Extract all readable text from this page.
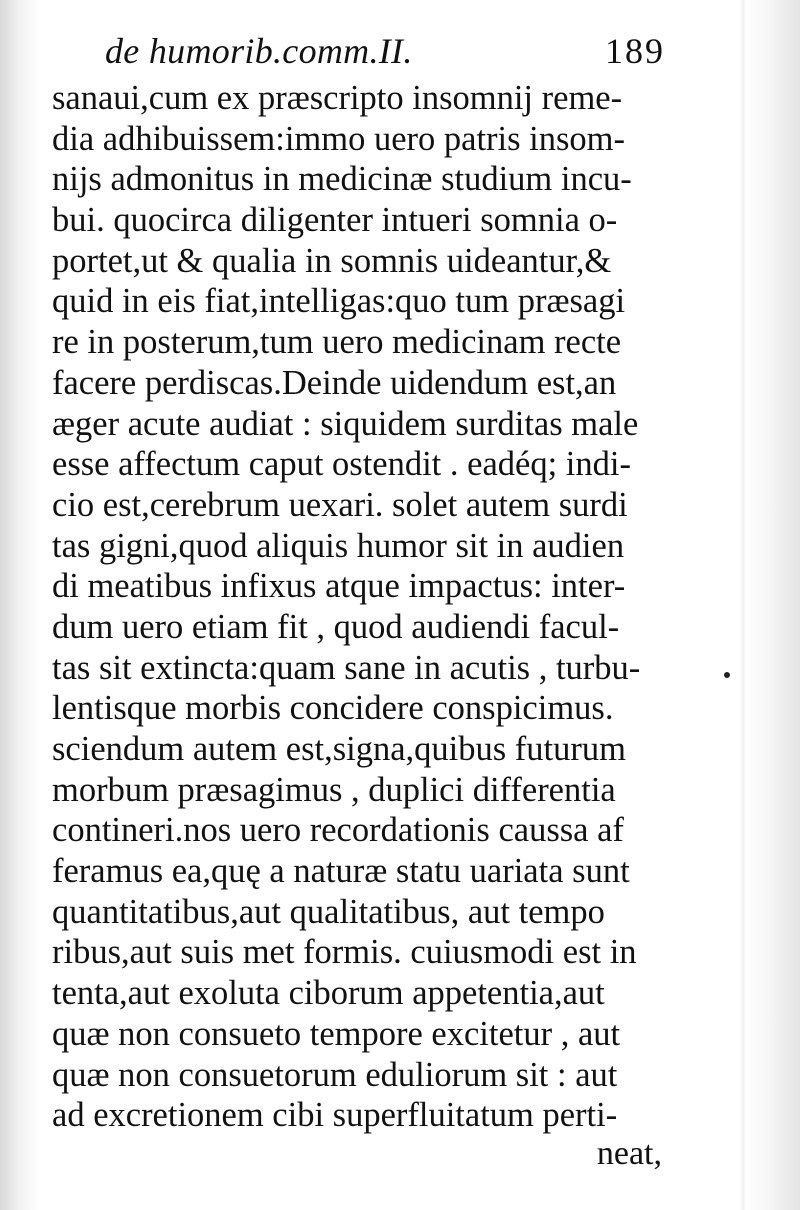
de humorib.comm.II.	189
sanaui,cum ex præscripto insomnij reme-
dia adhibuissem:immo uero patris insom-
nijs admonitus in medicinæ studium incu-
bui. quocirca diligenter intueri somnia o-
portet,ut & qualia in somnis uideantur,&
quid in eis fiat,intelligas:quo tum præsagi
re in posterum,tum uero medicinam recte
facere perdiscas.Deinde uidendum est,an
æger acute audiat : siquidem surditas male
esse affectum caput ostendit . eadéq; indi-
cio est,cerebrum uexari. solet autem surdi
tas gigni,quod aliquis humor sit in audien
di meatibus infixus atque impactus: inter-
dum uero etiam fit , quod audiendi facul-
tas sit extincta:quam sane in acutis , turbu-
lentisque morbis concidere conspicimus.
sciendum autem est,signa,quibus futurum
morbum præsagimus , duplici differentia
contineri.nos uero recordationis caussa af
feramus ea,quę a naturæ statu uariata sunt
quantitatibus,aut qualitatibus, aut tempo
ribus,aut suis met formis. cuiusmodi est in
tenta,aut exoluta ciborum appetentia,aut
quæ non consueto tempore excitetur , aut
quæ non consuetorum eduliorum sit : aut
ad excretionem cibi superfluitatum perti-
neat,
